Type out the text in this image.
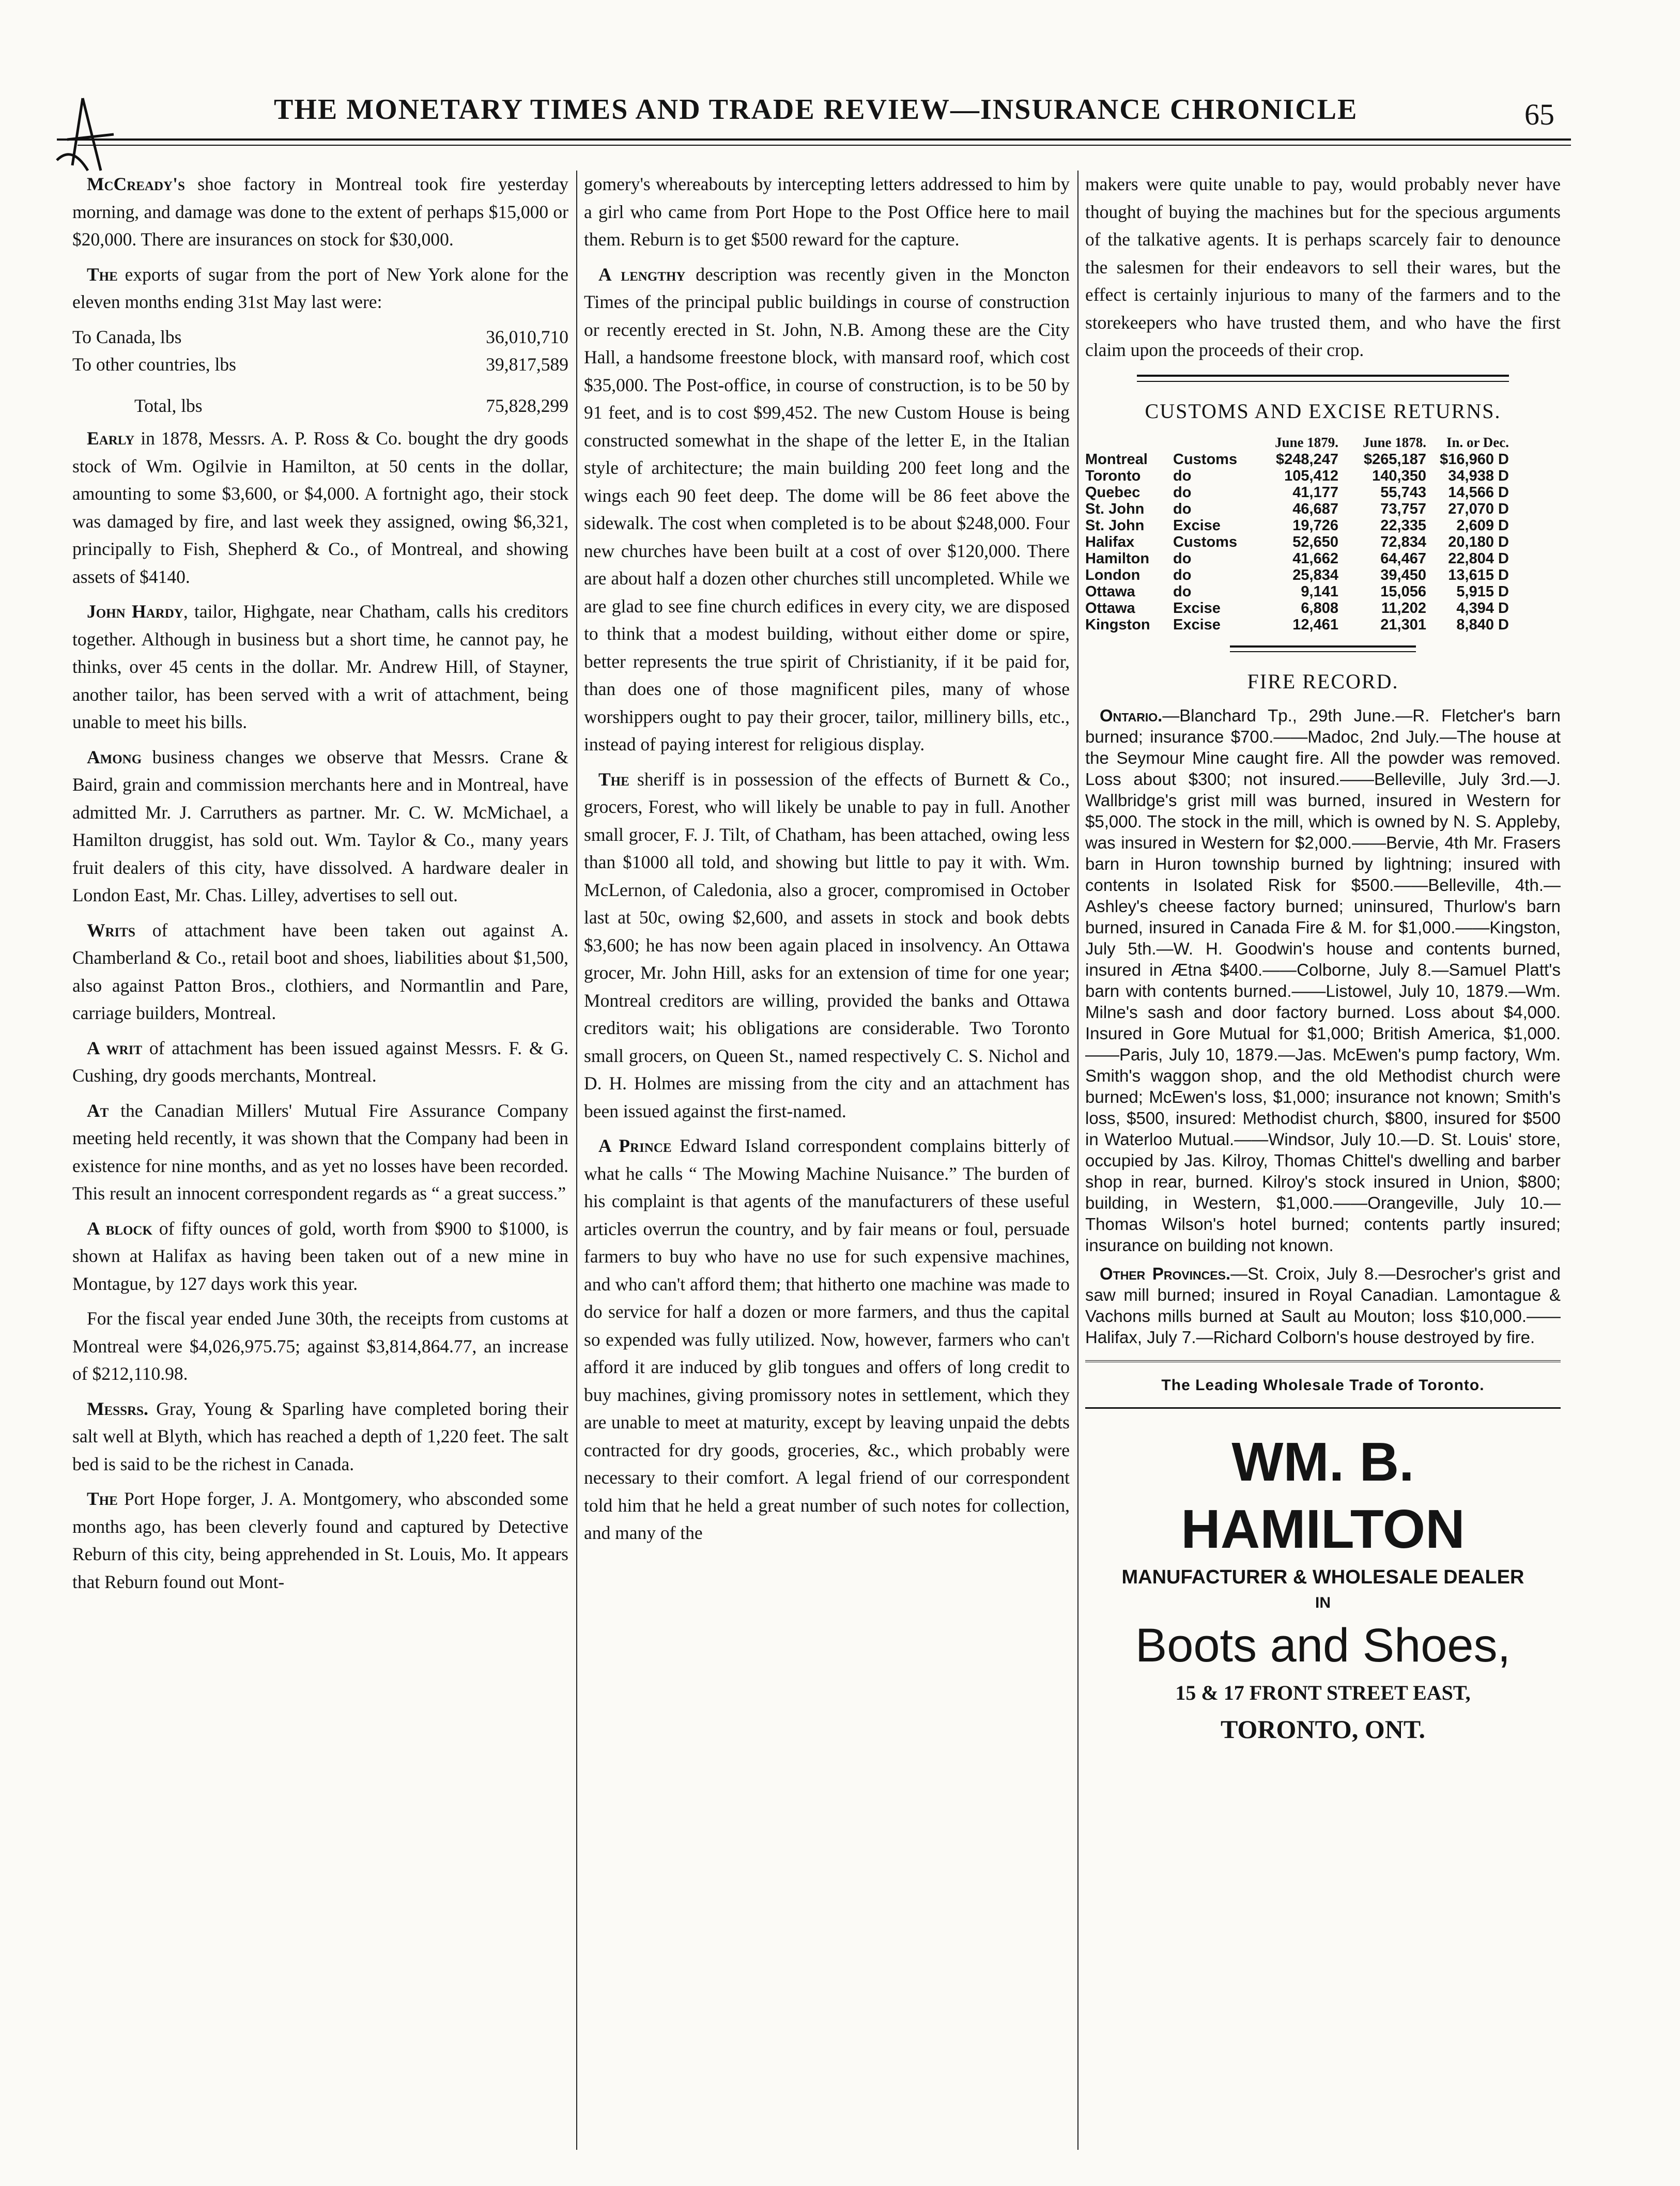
THE MONETARY TIMES AND TRADE REVIEW—INSURANCE CHRONICLE	65

McCready's shoe factory in Montreal took fire yesterday morning, and damage was done to the extent of perhaps $15,000 or $20,000. There are insurances on stock for $30,000.

The exports of sugar from the port of New York alone for the eleven months ending 31st May last were:

To Canada, lbs	36,010,710
To other countries, lbs	39,817,589
Total, lbs	75,828,299

Early in 1878, Messrs. A. P. Ross & Co. bought the dry goods stock of Wm. Ogilvie in Hamilton, at 50 cents in the dollar, amounting to some $3,600, or $4,000. A fortnight ago, their stock was damaged by fire, and last week they assigned, owing $6,321, principally to Fish, Shepherd & Co., of Montreal, and showing assets of $4140.

John Hardy, tailor, Highgate, near Chatham, calls his creditors together. Although in business but a short time, he cannot pay, he thinks, over 45 cents in the dollar. Mr. Andrew Hill, of Stayner, another tailor, has been served with a writ of attachment, being unable to meet his bills.

Among business changes we observe that Messrs. Crane & Baird, grain and commission merchants here and in Montreal, have admitted Mr. J. Carruthers as partner. Mr. C. W. McMichael, a Hamilton druggist, has sold out. Wm. Taylor & Co., many years fruit dealers of this city, have dissolved. A hardware dealer in London East, Mr. Chas. Lilley, advertises to sell out.

Writs of attachment have been taken out against A. Chamberland & Co., retail boot and shoes, liabilities about $1,500, also against Patton Bros., clothiers, and Normantlin and Pare, carriage builders, Montreal.

A writ of attachment has been issued against Messrs. F. & G. Cushing, dry goods merchants, Montreal.

At the Canadian Millers' Mutual Fire Assurance Company meeting held recently, it was shown that the Company had been in existence for nine months, and as yet no losses have been recorded. This result an innocent correspondent regards as “ a great success.”

A block of fifty ounces of gold, worth from $900 to $1000, is shown at Halifax as having been taken out of a new mine in Montague, by 127 days work this year.

For the fiscal year ended June 30th, the receipts from customs at Montreal were $4,026,975.75; against $3,814,864.77, an increase of $212,110.98.

Messrs. Gray, Young & Sparling have completed boring their salt well at Blyth, which has reached a depth of 1,220 feet. The salt bed is said to be the richest in Canada.

The Port Hope forger, J. A. Montgomery, who absconded some months ago, has been cleverly found and captured by Detective Reburn of this city, being apprehended in St. Louis, Mo. It appears that Reburn found out Mont-

gomery's whereabouts by intercepting letters addressed to him by a girl who came from Port Hope to the Post Office here to mail them. Reburn is to get $500 reward for the capture.

A lengthy description was recently given in the Moncton Times of the principal public buildings in course of construction or recently erected in St. John, N.B. Among these are the City Hall, a handsome freestone block, with mansard roof, which cost $35,000. The Post-office, in course of construction, is to be 50 by 91 feet, and is to cost $99,452. The new Custom House is being constructed somewhat in the shape of the letter E, in the Italian style of architecture; the main building 200 feet long and the wings each 90 feet deep. The dome will be 86 feet above the sidewalk. The cost when completed is to be about $248,000. Four new churches have been built at a cost of over $120,000. There are about half a dozen other churches still uncompleted. While we are glad to see fine church edifices in every city, we are disposed to think that a modest building, without either dome or spire, better represents the true spirit of Christianity, if it be paid for, than does one of those magnificent piles, many of whose worshippers ought to pay their grocer, tailor, millinery bills, etc., instead of paying interest for religious display.

The sheriff is in possession of the effects of Burnett & Co., grocers, Forest, who will likely be unable to pay in full. Another small grocer, F. J. Tilt, of Chatham, has been attached, owing less than $1000 all told, and showing but little to pay it with. Wm. McLernon, of Caledonia, also a grocer, compromised in October last at 50c, owing $2,600, and assets in stock and book debts $3,600; he has now been again placed in insolvency. An Ottawa grocer, Mr. John Hill, asks for an extension of time for one year; Montreal creditors are willing, provided the banks and Ottawa creditors wait; his obligations are considerable. Two Toronto small grocers, on Queen St., named respectively C. S. Nichol and D. H. Holmes are missing from the city and an attachment has been issued against the first-named.

A Prince Edward Island correspondent complains bitterly of what he calls “ The Mowing Machine Nuisance.” The burden of his complaint is that agents of the manufacturers of these useful articles overrun the country, and by fair means or foul, persuade farmers to buy who have no use for such expensive machines, and who can't afford them; that hitherto one machine was made to do service for half a dozen or more farmers, and thus the capital so expended was fully utilized. Now, however, farmers who can't afford it are induced by glib tongues and offers of long credit to buy machines, giving promissory notes in settlement, which they are unable to meet at maturity, except by leaving unpaid the debts contracted for dry goods, groceries, &c., which probably were necessary to their comfort. A legal friend of our correspondent told him that he held a great number of such notes for collection, and many of the

makers were quite unable to pay, would probably never have thought of buying the machines but for the specious arguments of the talkative agents. It is perhaps scarcely fair to denounce the salesmen for their endeavors to sell their wares, but the effect is certainly injurious to many of the farmers and to the storekeepers who have trusted them, and who have the first claim upon the proceeds of their crop.

CUSTOMS AND EXCISE RETURNS.
June 1879.	June 1878.	In. or Dec.
Montreal	Customs	$248,247	$265,187 $16,960 D
Toronto	do	105,412	140,350	34,938 D
Quebec	do	41,177	55,743	14,566 D
St. John	do	46,687	73,757	27,070 D
St. John	Excise	19,726	22,335	2,609 D
Halifax	Customs	52,650	72,834	20,180 D
Hamilton	do	41,662	64,467	22,804 D
London	do	25,834	39,450	13,615 D
Ottawa	do	9,141	15,056	5,915 D
Ottawa	Excise	6,808	11,202	4,394 D
Kingston	Excise	12,461	21,301	8,840 D
FIRE RECORD.

Ontario.—Blanchard Tp., 29th June.—R. Fletcher's barn burned; insurance $700.——Madoc, 2nd July.—The house at the Seymour Mine caught fire. All the powder was removed. Loss about $300; not insured.——Belleville, July 3rd.—J. Wallbridge's grist mill was burned, insured in Western for $5,000. The stock in the mill, which is owned by N. S. Appleby, was insured in Western for $2,000.——Bervie, 4th Mr. Frasers barn in Huron township burned by lightning; insured with contents in Isolated Risk for $500.——Belleville, 4th.—Ashley's cheese factory burned; uninsured, Thurlow's barn burned, insured in Canada Fire & M. for $1,000.——Kingston, July 5th.—W. H. Goodwin's house and contents burned, insured in Ætna $400.——Colborne, July 8.—Samuel Platt's barn with contents burned.——Listowel, July 10, 1879.—Wm. Milne's sash and door factory burned. Loss about $4,000. Insured in Gore Mutual for $1,000; British America, $1,000.——Paris, July 10, 1879.—Jas. McEwen's pump factory, Wm. Smith's waggon shop, and the old Methodist church were burned; McEwen's loss, $1,000; insurance not known; Smith's loss, $500, insured: Methodist church, $800, insured for $500 in Waterloo Mutual.——Windsor, July 10.—D. St. Louis' store, occupied by Jas. Kilroy, Thomas Chittel's dwelling and barber shop in rear, burned. Kilroy's stock insured in Union, $800; building, in Western, $1,000.——Orangeville, July 10.—Thomas Wilson's hotel burned; contents partly insured; insurance on building not known.

Other Provinces.—St. Croix, July 8.—Desrocher's grist and saw mill burned; insured in Royal Canadian. Lamontague & Vachons mills burned at Sault au Mouton; loss $10,000.——Halifax, July 7.—Richard Colborn's house destroyed by fire.

The Leading Wholesale Trade of Toronto.
WM. B. HAMILTON
MANUFACTURER & WHOLESALE DEALER
IN
Boots and Shoes,
15 & 17 FRONT STREET EAST,
TORONTO, ONT.
